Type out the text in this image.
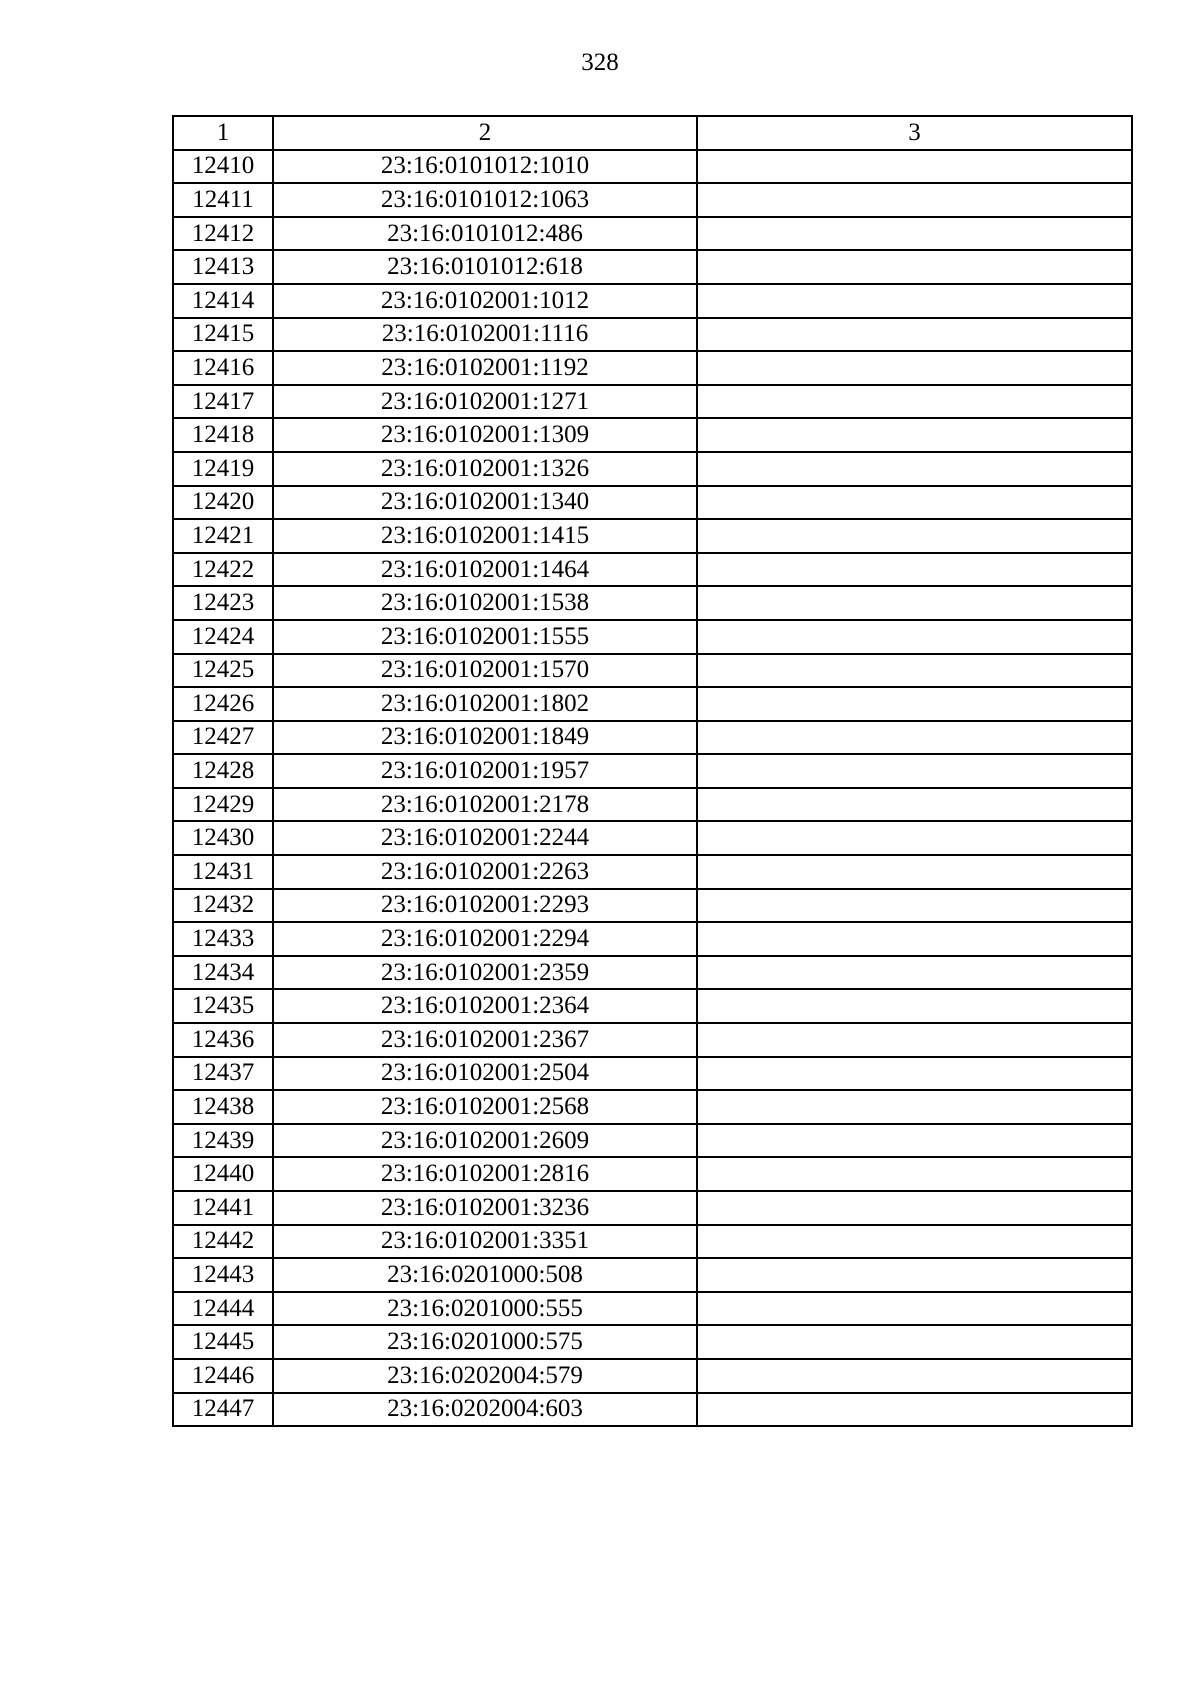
328
1	2	3
12410	23:16:0101012:1010	
12411	23:16:0101012:1063	
12412	23:16:0101012:486	
12413	23:16:0101012:618	
12414	23:16:0102001:1012	
12415	23:16:0102001:1116	
12416	23:16:0102001:1192	
12417	23:16:0102001:1271	
12418	23:16:0102001:1309	
12419	23:16:0102001:1326	
12420	23:16:0102001:1340	
12421	23:16:0102001:1415	
12422	23:16:0102001:1464	
12423	23:16:0102001:1538	
12424	23:16:0102001:1555	
12425	23:16:0102001:1570	
12426	23:16:0102001:1802	
12427	23:16:0102001:1849	
12428	23:16:0102001:1957	
12429	23:16:0102001:2178	
12430	23:16:0102001:2244	
12431	23:16:0102001:2263	
12432	23:16:0102001:2293	
12433	23:16:0102001:2294	
12434	23:16:0102001:2359	
12435	23:16:0102001:2364	
12436	23:16:0102001:2367	
12437	23:16:0102001:2504	
12438	23:16:0102001:2568	
12439	23:16:0102001:2609	
12440	23:16:0102001:2816	
12441	23:16:0102001:3236	
12442	23:16:0102001:3351	
12443	23:16:0201000:508	
12444	23:16:0201000:555	
12445	23:16:0201000:575	
12446	23:16:0202004:579	
12447	23:16:0202004:603	
